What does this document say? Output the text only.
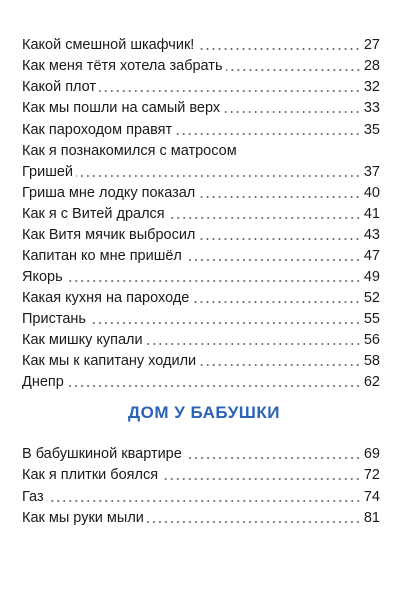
Какой смешной шкафчик!	27
Как меня тётя хотела забрать	28
Какой плот	32
Как мы пошли на самый верх	33
Как пароходом правят	35
Как я познакомился с матросом
Гришей	37
Гриша мне лодку показал	40
Как я с Витей дрался	41
Как Витя мячик выбросил	43
Капитан ко мне пришёл	47
Якорь	49
Какая кухня на пароходе	52
Пристань	55
Как мишку купали	56
Как мы к капитану ходили	58
Днепр	62
ДОМ У БАБУШКИ
В бабушкиной квартире	69
Как я плитки боялся	72
Газ	74
Как мы руки мыли	81
